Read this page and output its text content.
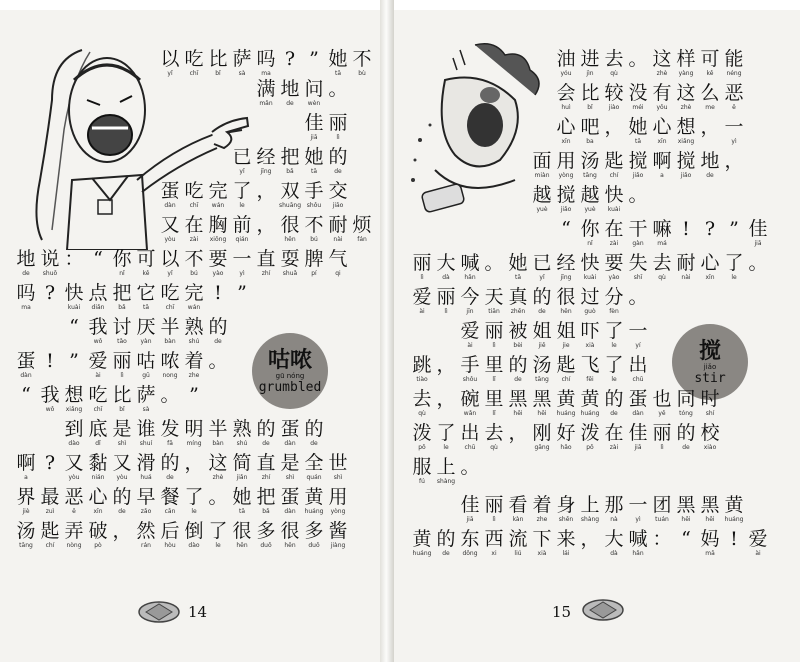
咕哝
gū nóng
grumbled
搅
jiǎo
stir
以
yǐ
吃
chī
比
bǐ
萨
sà
吗
ma
? ” 她
tā
不
bù
满
mǎn
地
de
问
wèn
。
佳
jiā
丽
lì
已
yǐ
经
jīng
把
bǎ
她
tā
的
de
蛋
dàn
吃
chī
完
wán
了
le
， 双
shuāng
手
shǒu
交
jiāo
又
yòu
在
zài
胸
xiōng
前
qián
， 很
hěn
不
bú
耐
nài
烦
fán
地
de
说
shuō
： “ 你
nǐ
可
kě
以
yǐ
不
bú
要
yào
一
yì
直
zhí
耍
shuǎ
脾
pí
气
qi
吗
ma
? 快
kuài
点
diǎn
把
bǎ
它
tā
吃
chī
完
wán
! ”
“ 我
wǒ
讨
tǎo
厌
yàn
半
bàn
熟
shú
的
de
蛋
dàn
! ” 爱
ài
丽
lì
咕
gū
哝
nong
着
zhe
。
“ 我
wǒ
想
xiǎng
吃
chī
比
bǐ
萨
sà
。 ”
到
dào
底
dǐ
是
shì
谁
shuí
发
fā
明
míng
半
bàn
熟
shú
的
de
蛋
dàn
的
de
啊
a
? 又
yòu
黏
nián
又
yòu
滑
huá
的
de
， 这
zhè
简
jiǎn
直
zhí
是
shì
全
quán
世
shì
界
jiè
最
zuì
恶
ě
心
xīn
的
de
早
zǎo
餐
cān
了
le
。 她
tā
把
bǎ
蛋
dàn
黄
huáng
用
yòng
汤
tāng
匙
chí
弄
nòng
破
pò
， 然
rán
后
hòu
倒
dào
了
le
很
hěn
多
duō
很
hěn
多
duō
酱
jiàng
油
yóu
进
jìn
去
qù
。 这
zhè
样
yàng
可
kě
能
néng
会
huì
比
bǐ
较
jiào
没
méi
有
yǒu
这
zhè
么
me
恶
ě
心
xīn
吧
ba
， 她
tā
心
xīn
想
xiǎng
， 一
yì
面
miàn
用
yòng
汤
tāng
匙
chí
搅
jiǎo
啊
a
搅
jiǎo
地
de
，
越
yuè
搅
jiǎo
越
yuè
快
kuài
。
“ 你
nǐ
在
zài
干
gàn
嘛
má
! ? ” 佳
jiā
丽
lì
大
dà
喊
hǎn
。 她
tā
已
yǐ
经
jīng
快
kuài
要
yào
失
shī
去
qù
耐
nài
心
xīn
了
le
。
爱
ài
丽
lì
今
jīn
天
tiān
真
zhēn
的
de
很
hěn
过
guò
分
fèn
。
爱
ài
丽
lì
被
bèi
姐
jiě
姐
jie
吓
xià
了
le
一
yí
跳
tiào
， 手
shǒu
里
lǐ
的
de
汤
tāng
匙
chí
飞
fēi
了
le
出
chū
去
qù
， 碗
wǎn
里
lǐ
黑
hēi
黑
hēi
黄
huáng
黄
huáng
的
de
蛋
dàn
也
yě
同
tóng
时
shí
泼
pō
了
le
出
chū
去
qù
， 刚
gāng
好
hǎo
泼
pō
在
zài
佳
jiā
丽
lì
的
de
校
xiào
服
fú
上
shàng
。
佳
jiā
丽
lì
看
kàn
着
zhe
身
shēn
上
shàng
那
nà
一
yì
团
tuán
黑
hēi
黑
hēi
黄
huáng
黄
huáng
的
de
东
dōng
西
xi
流
liú
下
xià
来
lái
， 大
dà
喊
hǎn
： “ 妈
mā
! 爱
ài
14	15
